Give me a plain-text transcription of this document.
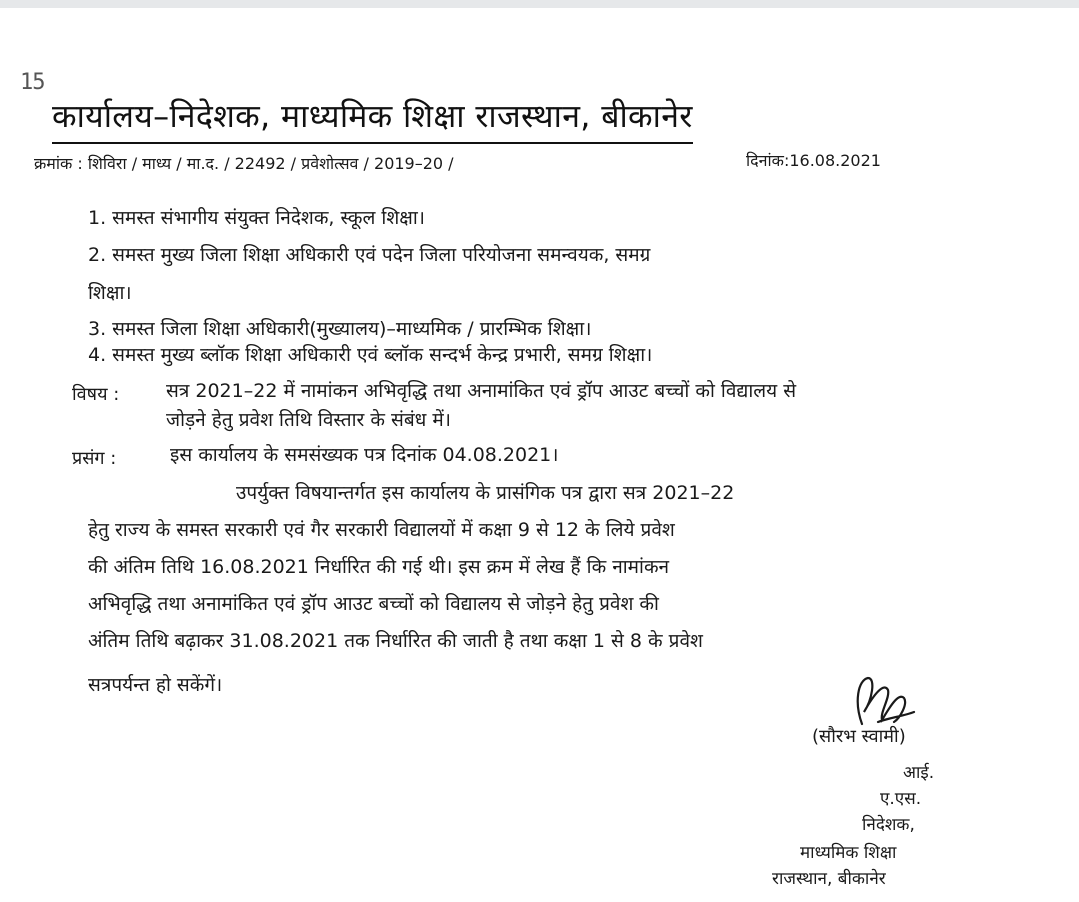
15
कार्यालय–निदेशक, माध्यमिक शिक्षा राजस्थान, बीकानेर
क्रमांक : शिविरा / माध्य / मा.द. / 22492 / प्रवेशोत्सव / 2019–20 /	दिनांक:16.08.2021
1. समस्त संभागीय संयुक्त निदेशक, स्कूल शिक्षा।
2. समस्त मुख्य जिला शिक्षा अधिकारी एवं पदेन जिला परियोजना समन्वयक, समग्र
शिक्षा।
3. समस्त जिला शिक्षा अधिकारी(मुख्यालय)–माध्यमिक / प्रारम्भिक शिक्षा।
4. समस्त मुख्य ब्लॉक शिक्षा अधिकारी एवं ब्लॉक सन्दर्भ केन्द्र प्रभारी, समग्र शिक्षा।
विषय : सत्र 2021–22 में नामांकन अभिवृद्धि तथा अनामांकित एवं ड्रॉप आउट बच्चों को विद्यालय से
जोड़ने हेतु प्रवेश तिथि विस्तार के संबंध में।
प्रसंग :	इस कार्यालय के समसंख्यक पत्र दिनांक 04.08.2021।
उपर्युक्त विषयान्तर्गत इस कार्यालय के प्रासंगिक पत्र द्वारा सत्र 2021–22
हेतु राज्य के समस्त सरकारी एवं गैर सरकारी विद्यालयों में कक्षा 9 से 12 के लिये प्रवेश
की अंतिम तिथि 16.08.2021 निर्धारित की गई थी। इस क्रम में लेख हैं कि नामांकन
अभिवृद्धि तथा अनामांकित एवं ड्रॉप आउट बच्चों को विद्यालय से जोड़ने हेतु प्रवेश की
अंतिम तिथि बढ़ाकर 31.08.2021 तक निर्धारित की जाती है तथा कक्षा 1 से 8 के प्रवेश
सत्रपर्यन्त हो सकेंगें।
(सौरभ स्वामी)
आई.
ए.एस.
निदेशक,
माध्यमिक शिक्षा
राजस्थान, बीकानेर
